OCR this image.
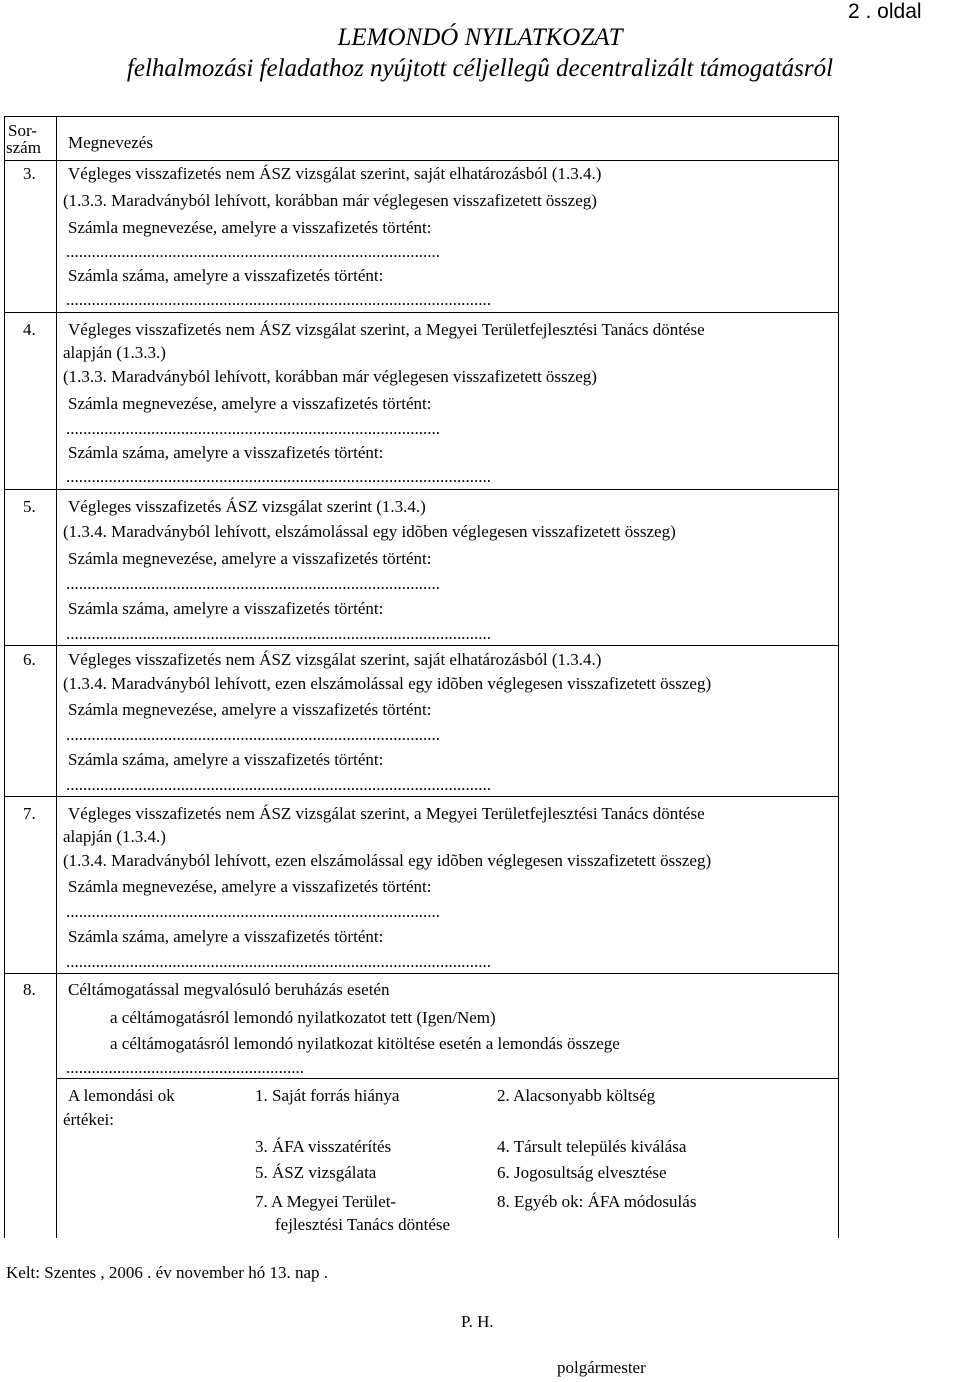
LEMONDÓ NYILATKOZAT
felhalmozási feladathoz nyújtott céljellegû decentralizált támogatásról
2 . oldal
Sor-
szám Megnevezés
3. Végleges visszafizetés nem ÁSZ vizsgálat szerint, saját elhatározásból (1.3.4.)
(1.3.3. Maradványból lehívott, korábban már véglegesen visszafizetett összeg)
Számla megnevezése, amelyre a visszafizetés történt:
........................................................................................
Számla száma, amelyre a visszafizetés történt:
....................................................................................................
4. Végleges visszafizetés nem ÁSZ vizsgálat szerint, a Megyei Területfejlesztési Tanács döntése
alapján (1.3.3.)
(1.3.3. Maradványból lehívott, korábban már véglegesen visszafizetett összeg)
Számla megnevezése, amelyre a visszafizetés történt:
........................................................................................
Számla száma, amelyre a visszafizetés történt:
....................................................................................................
5. Végleges visszafizetés ÁSZ vizsgálat szerint (1.3.4.)
(1.3.4. Maradványból lehívott, elszámolással egy idõben véglegesen visszafizetett összeg)
Számla megnevezése, amelyre a visszafizetés történt:
........................................................................................
Számla száma, amelyre a visszafizetés történt:
....................................................................................................
6. Végleges visszafizetés nem ÁSZ vizsgálat szerint, saját elhatározásból (1.3.4.)
(1.3.4. Maradványból lehívott, ezen elszámolással egy idõben véglegesen visszafizetett összeg)
Számla megnevezése, amelyre a visszafizetés történt:
........................................................................................
Számla száma, amelyre a visszafizetés történt:
....................................................................................................
7. Végleges visszafizetés nem ÁSZ vizsgálat szerint, a Megyei Területfejlesztési Tanács döntése
alapján (1.3.4.)
(1.3.4. Maradványból lehívott, ezen elszámolással egy idõben véglegesen visszafizetett összeg)
Számla megnevezése, amelyre a visszafizetés történt:
........................................................................................
Számla száma, amelyre a visszafizetés történt:
....................................................................................................
8. Céltámogatással megvalósuló beruházás esetén
a céltámogatásról lemondó nyilatkozatot tett (Igen/Nem)
a céltámogatásról lemondó nyilatkozat kitöltése esetén a lemondás összege
........................................................
A lemondási ok
értékei:
1. Saját forrás hiánya	2. Alacsonyabb költség
3. ÁFA visszatérítés	4. Társult település kiválása
5. ÁSZ vizsgálata	6. Jogosultság elvesztése
7. A Megyei Terület-
fejlesztési Tanács döntése
8. Egyéb ok: ÁFA módosulás
Kelt: Szentes , 2006 . év november hó 13. nap .
P. H.
polgármester
